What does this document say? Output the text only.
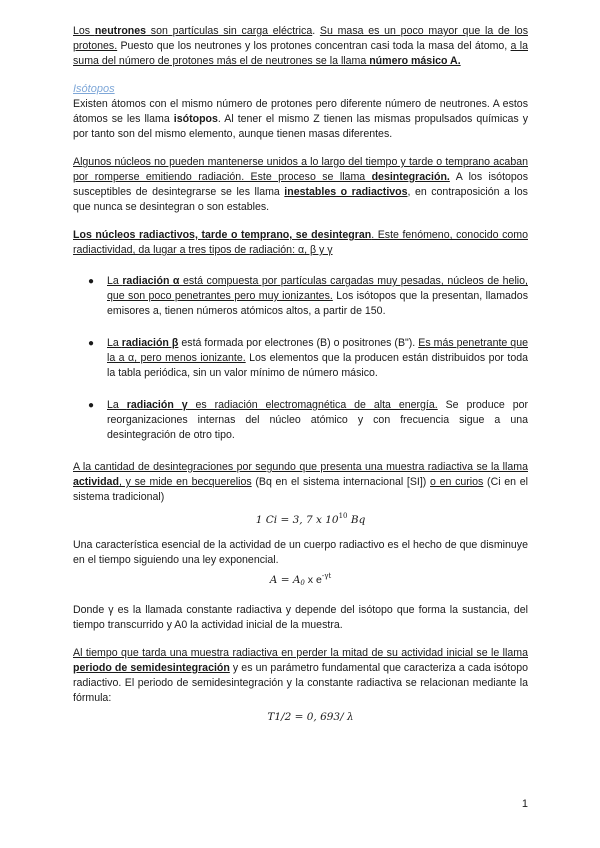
Los neutrones son partículas sin carga eléctrica. Su masa es un poco mayor que la de los protones. Puesto que los neutrones y los protones concentran casi toda la masa del átomo, a la suma del número de protones más el de neutrones se la llama número másico A.

Isótopos

Existen átomos con el mismo número de protones pero diferente número de neutrones. A estos átomos se les llama isótopos. Al tener el mismo Z tienen las mismas propulsados químicas y por tanto son del mismo elemento, aunque tienen masas diferentes.

Algunos núcleos no pueden mantenerse unidos a lo largo del tiempo y tarde o temprano acaban por romperse emitiendo radiación. Este proceso se llama desintegración. A los isótopos susceptibles de desintegrarse se les llama inestables o radiactivos, en contraposición a los que nunca se desintegran o son estables.

Los núcleos radiactivos, tarde o temprano, se desintegran. Este fenómeno, conocido como radiactividad, da lugar a tres tipos de radiación: α, β y γ

● La radiación α está compuesta por partículas cargadas muy pesadas, núcleos de helio, que son poco penetrantes pero muy ionizantes. Los isótopos que la presentan, llamados emisores a, tienen números atómicos altos, a partir de 150.
● La radiación β está formada por electrones (B) o positrones (B"). Es más penetrante que la a α, pero menos ionizante. Los elementos que la producen están distribuidos por toda la tabla periódica, sin un valor mínimo de número másico.
● La radiación γ es radiación electromagnética de alta energía. Se produce por reorganizaciones internas del núcleo atómico y con frecuencia sigue a una desintegración de otro tipo.

A la cantidad de desintegraciones por segundo que presenta una muestra radiactiva se la llama actividad, y se mide en becquerelios (Bq en el sistema internacional [SI]) o en curios (Ci en el sistema tradicional)

1 Ci = 3, 7 x $10^{10}$ Bq

Una característica esencial de la actividad de un cuerpo radiactivo es el hecho de que disminuye en el tiempo siguiendo una ley exponencial.

$A = A_0$ x $e^{-\gamma t}$

Donde γ es la llamada constante radiactiva y depende del isótopo que forma la sustancia, del tiempo transcurrido y A0 la actividad inicial de la muestra.

Al tiempo que tarda una muestra radiactiva en perder la mitad de su actividad inicial se le llama periodo de semidesintegración y es un parámetro fundamental que caracteriza a cada isótopo radiactivo. El periodo de semidesintegración y la constante radiactiva se relacionan mediante la fórmula:

T1/2 = 0, 693/ λ

1
